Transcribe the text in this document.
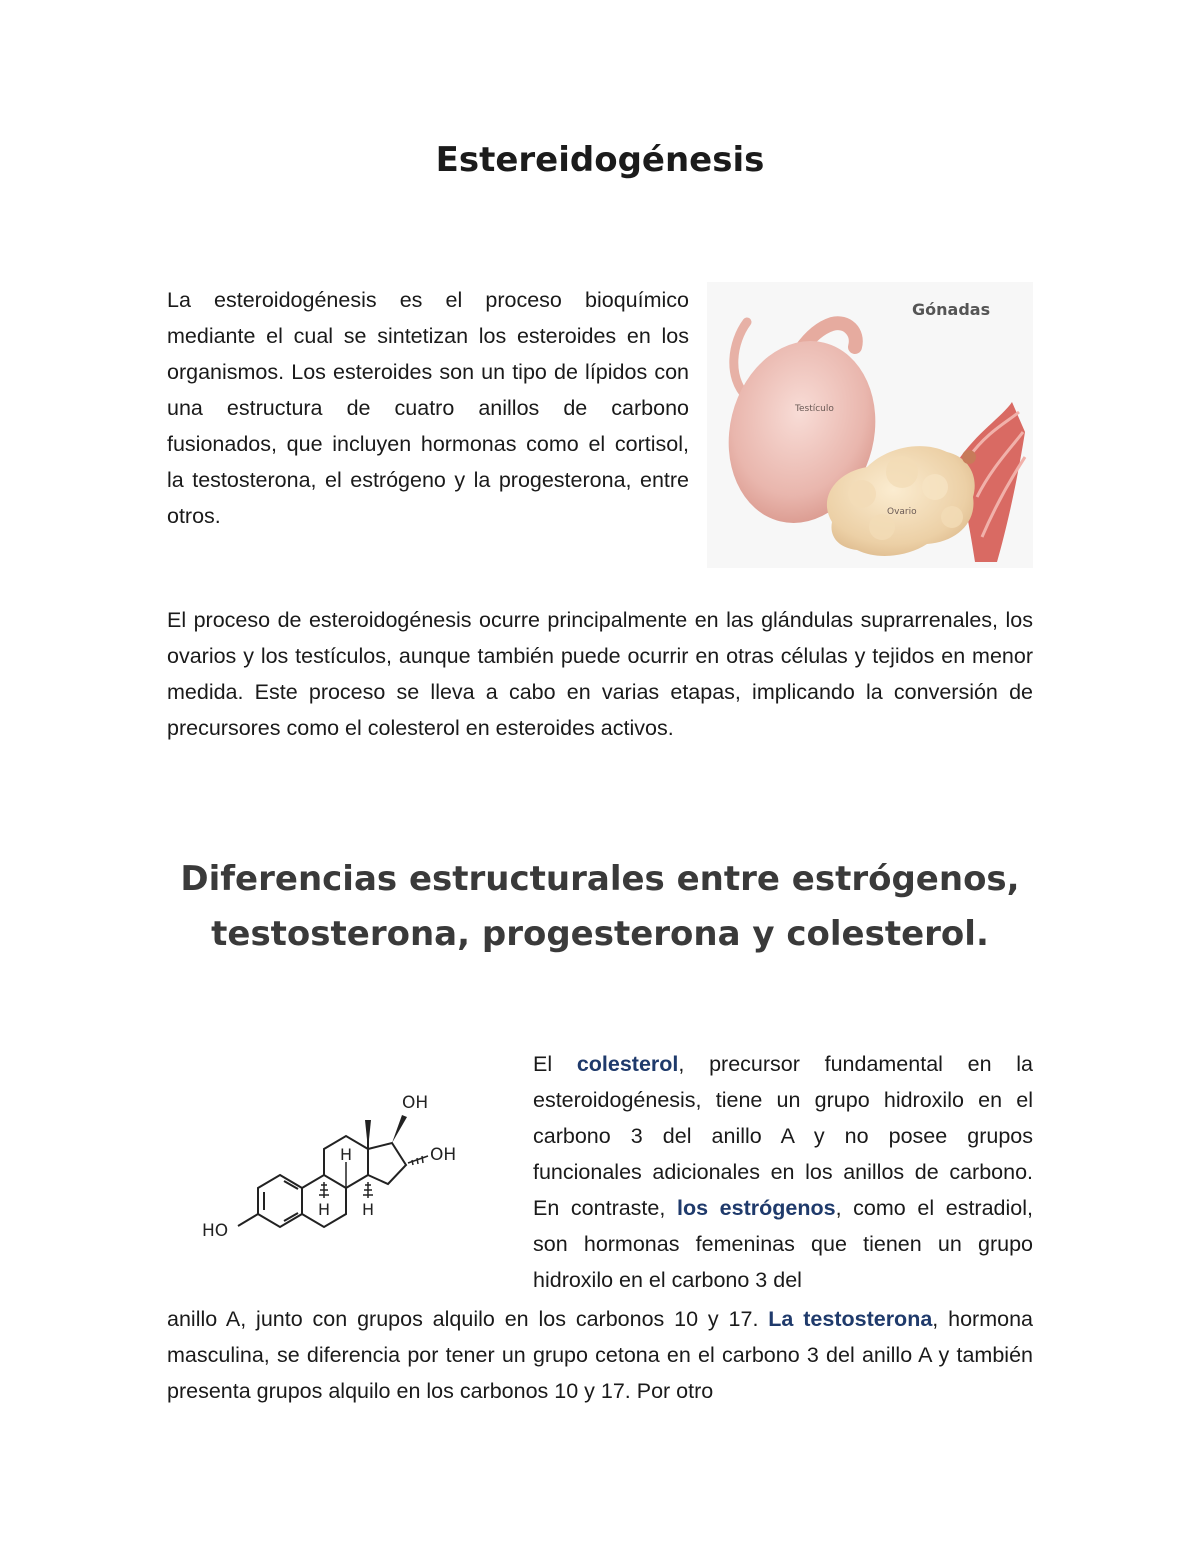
Estereidogénesis
La esteroidogénesis es el proceso bioquímico mediante el cual se sintetizan los esteroides en los organismos. Los esteroides son un tipo de lípidos con una estructura de cuatro anillos de carbono fusionados, que incluyen hormonas como el cortisol, la testosterona, el estrógeno y la progesterona, entre otros.
Gónadas
Testículo
Ovario
El proceso de esteroidogénesis ocurre principalmente en las glándulas suprarrenales, los ovarios y los testículos, aunque también puede ocurrir en otras células y tejidos en menor medida. Este proceso se lleva a cabo en varias etapas, implicando la conversión de precursores como el colesterol en esteroides activos.
Diferencias estructurales entre estrógenos,
testosterona, progesterona y colesterol.
OH
OH
HO
H
H H
El colesterol, precursor fundamental en la esteroidogénesis, tiene un grupo hidroxilo en el carbono 3 del anillo A y no posee grupos funcionales adicionales en los anillos de carbono. En contraste, los estrógenos, como el estradiol, son hormonas femeninas que tienen un grupo hidroxilo en el carbono 3 del
anillo A, junto con grupos alquilo en los carbonos 10 y 17. La testosterona, hormona masculina, se diferencia por tener un grupo cetona en el carbono 3 del anillo A y también presenta grupos alquilo en los carbonos 10 y 17. Por otro
